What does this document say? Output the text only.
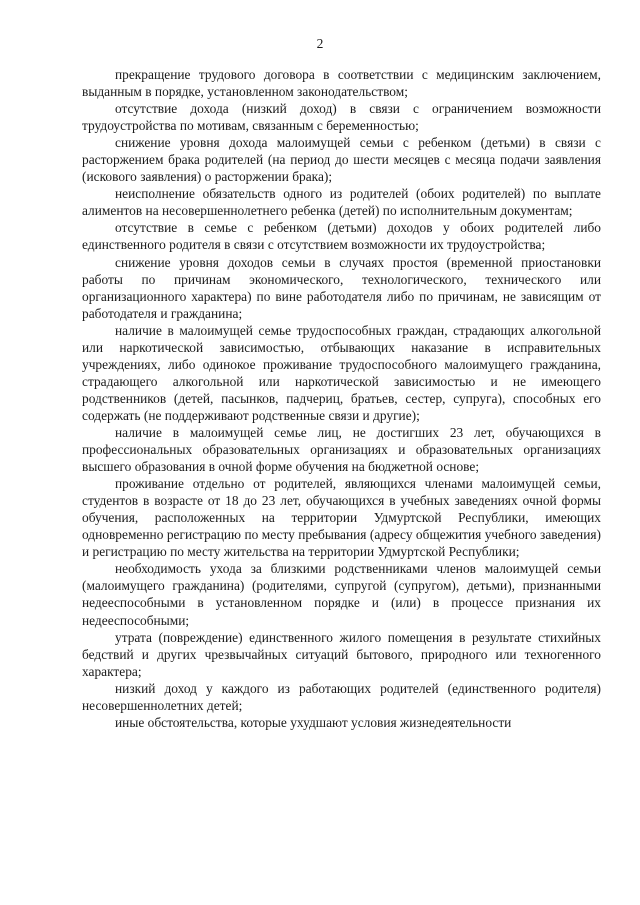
2

прекращение трудового договора в соответствии с медицинским заключением, выданным в порядке, установленном законодательством;

отсутствие дохода (низкий доход) в связи с ограничением возможности трудоустройства по мотивам, связанным с беременностью;

снижение уровня дохода малоимущей семьи с ребенком (детьми) в связи с расторжением брака родителей (на период до шести месяцев с месяца подачи заявления (искового заявления) о расторжении брака);

неисполнение обязательств одного из родителей (обоих родителей) по выплате алиментов на несовершеннолетнего ребенка (детей) по исполнительным документам;

отсутствие в семье с ребенком (детьми) доходов у обоих родителей либо единственного родителя в связи с отсутствием возможности их трудоустройства;

снижение уровня доходов семьи в случаях простоя (временной приостановки работы по причинам экономического, технологического, технического или организационного характера) по вине работодателя либо по причинам, не зависящим от работодателя и гражданина;

наличие в малоимущей семье трудоспособных граждан, страдающих алкогольной или наркотической зависимостью, отбывающих наказание в исправительных учреждениях, либо одинокое проживание трудоспособного малоимущего гражданина, страдающего алкогольной или наркотической зависимостью и не имеющего родственников (детей, пасынков, падчериц, братьев, сестер, супруга), способных его содержать (не поддерживают родственные связи и другие);

наличие в малоимущей семье лиц, не достигших 23 лет, обучающихся в профессиональных образовательных организациях и образовательных организациях высшего образования в очной форме обучения на бюджетной основе;

проживание отдельно от родителей, являющихся членами малоимущей семьи, студентов в возрасте от 18 до 23 лет, обучающихся в учебных заведениях очной формы обучения, расположенных на территории Удмуртской Республики, имеющих одновременно регистрацию по месту пребывания (адресу общежития учебного заведения) и регистрацию по месту жительства на территории Удмуртской Республики;

необходимость ухода за близкими родственниками членов малоимущей семьи (малоимущего гражданина) (родителями, супругой (супругом), детьми), признанными недееспособными в установленном порядке и (или) в процессе признания их недееспособными;

утрата (повреждение) единственного жилого помещения в результате стихийных бедствий и других чрезвычайных ситуаций бытового, природного или техногенного характера;

низкий доход у каждого из работающих родителей (единственного родителя) несовершеннолетних детей;

иные обстоятельства, которые ухудшают условия жизнедеятельности
